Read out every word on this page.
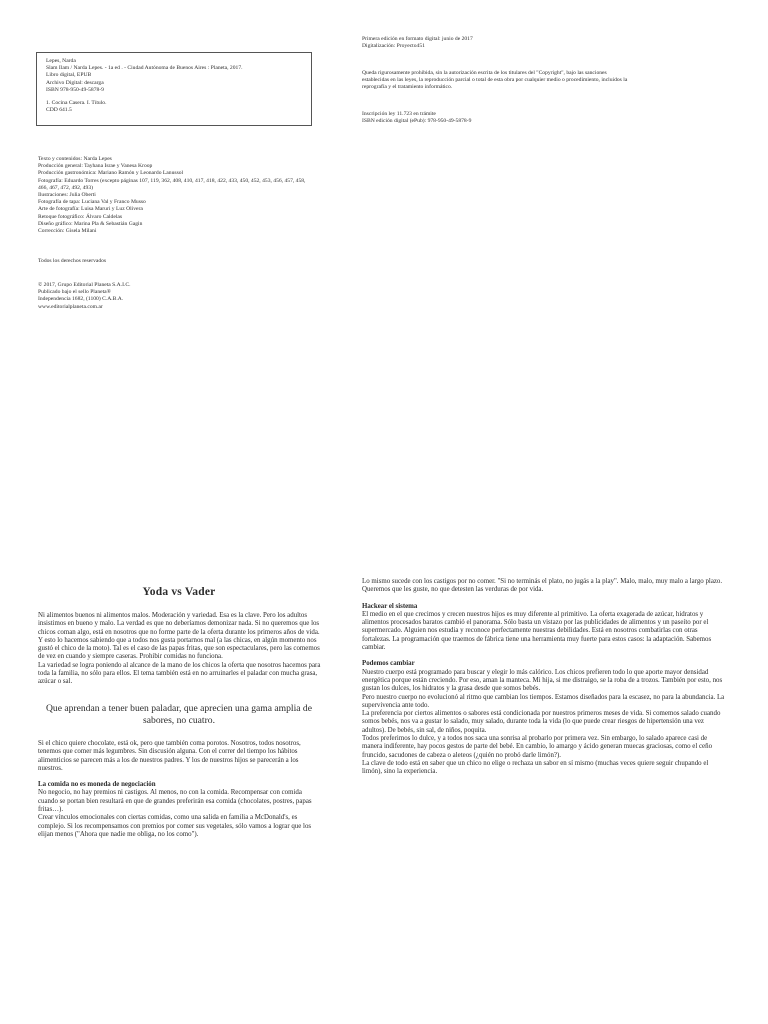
Primera edición en formato digital: junio de 2017
Digitalización: Proyecto451
Lepes, Narda
Slam Ilam / Narda Lepes. - 1a ed . - Ciudad Autónoma de Buenos Aires : Planeta, 2017.
Libro digital, EPUB
Archivo Digital: descarga
ISBN 978-950-49-5878-9
1. Cocina Casera. I. Título.
CDD 641.5
Queda rigurosamente prohibida, sin la autorización escrita de los titulares del "Copyright", bajo las sanciones
establecidas en las leyes, la reproducción parcial o total de esta obra por cualquier medio o procedimiento, incluidos la
reprografía y el tratamiento informático.
Inscripción ley 11.723 en trámite
ISBN edición digital (ePub): 978-950-49-5878-9
Texto y contenidos: Narda Lepes
Producción general: Tayhana Israe y Vanesa Kroop
Producción gastronómica: Mariano Ramón y Leonardo Lanussol
Fotografía: Eduardo Torres (excepto páginas 107, 119, 362, 408, 410, 417, 418, 422, 433, 450, 452, 453, 456, 457, 458,
466, 467, 472, 492, 493)
Ilustraciones: Julia Oberti
Fotografía de tapa: Luciana Val y Franco Musso
Arte de fotografía: Luisa Maruri y Luz Olivera
Retoque fotográfico: Álvaro Caldelas
Diseño gráfico: Marina Pla & Sebastián Gagin
Corrección: Gisela Milani
Todos los derechos reservados
© 2017, Grupo Editorial Planeta S.A.I.C.
Publicado bajo el sello Planeta®
Independencia 1682, (1100) C.A.B.A.
www.editorialplaneta.com.ar
Yoda vs Vader

Ni alimentos buenos ni alimentos malos. Moderación y variedad. Esa es la clave. Pero los adultos insistimos en bueno y malo. La verdad es que no deberíamos demonizar nada. Si no queremos que los chicos coman algo, está en nosotros que no forme parte de la oferta durante los primeros años de vida. Y esto lo hacemos sabiendo que a todos nos gusta portarnos mal (a las chicas, en algún momento nos gustó el chico de la moto). Tal es el caso de las papas fritas, que son espectaculares, pero las comemos de vez en cuando y siempre caseras. Prohibir comidas no funciona.

La variedad se logra poniendo al alcance de la mano de los chicos la oferta que nosotros hacemos para toda la familia, no sólo para ellos. El tema también está en no arruinarles el paladar con mucha grasa, azúcar o sal.

Que aprendan a tener buen paladar, que aprecien una gama amplia de sabores, no cuatro.

Si el chico quiere chocolate, está ok, pero que también coma porotos. Nosotros, todos nosotros, tenemos que comer más legumbres. Sin discusión alguna. Con el correr del tiempo los hábitos alimenticios se parecen más a los de nuestros padres. Y los de nuestros hijos se parecerán a los nuestros.

La comida no es moneda de negociación

No negocio, no hay premios ni castigos. Al menos, no con la comida. Recompensar con comida cuando se portan bien resultará en que de grandes preferirán esa comida (chocolates, postres, papas fritas…).

Crear vínculos emocionales con ciertas comidas, como una salida en familia a McDonald's, es complejo. Si los recompensamos con premios por comer sus vegetales, sólo vamos a lograr que los elijan menos ("Ahora que nadie me obliga, no los como").

Lo mismo sucede con los castigos por no comer. "Si no terminás el plato, no jugás a la play". Malo, malo, muy malo a largo plazo. Queremos que les guste, no que detesten las verduras de por vida.

Hackear el sistema

El medio en el que crecimos y crecen nuestros hijos es muy diferente al primitivo. La oferta exagerada de azúcar, hidratos y alimentos procesados baratos cambió el panorama. Sólo basta un vistazo por las publicidades de alimentos y un paseíto por el supermercado. Alguien nos estudia y reconoce perfectamente nuestras debilidades. Está en nosotros combatirlas con otras fortalezas. La programación que traemos de fábrica tiene una herramienta muy fuerte para estos casos: la adaptación. Sabemos cambiar.

Podemos cambiar

Nuestro cuerpo está programado para buscar y elegir lo más calórico. Los chicos prefieren todo lo que aporte mayor densidad energética porque están creciendo. Por eso, aman la manteca. Mi hija, si me distraigo, se la roba de a trozos. También por esto, nos gustan los dulces, los hidratos y la grasa desde que somos bebés.

Pero nuestro cuerpo no evolucionó al ritmo que cambian los tiempos. Estamos diseñados para la escasez, no para la abundancia. La supervivencia ante todo.

La preferencia por ciertos alimentos o sabores está condicionada por nuestros primeros meses de vida. Si comemos salado cuando somos bebés, nos va a gustar lo salado, muy salado, durante toda la vida (lo que puede crear riesgos de hipertensión una vez adultos). De bebés, sin sal, de niños, poquita.

Todos preferimos lo dulce, y a todos nos saca una sonrisa al probarlo por primera vez. Sin embargo, lo salado aparece casi de manera indiferente, hay pocos gestos de parte del bebé. En cambio, lo amargo y ácido generan muecas graciosas, como el ceño fruncido, sacudones de cabeza o aleteos (¿quién no probó darle limón?).

La clave de todo está en saber que un chico no elige o rechaza un sabor en sí mismo (muchas veces quiere seguir chupando el limón), sino la experiencia.
